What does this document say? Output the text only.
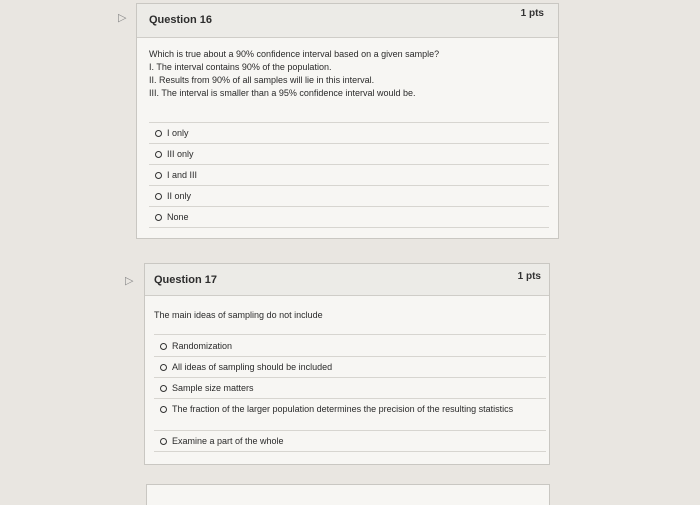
▷	Question 16
1 pts
Which is true about a 90% confidence interval based on a given sample?
I. The interval contains 90% of the population.
II. Results from 90% of all samples will lie in this interval.
III. The interval is smaller than a 95% confidence interval would be.
I only
III only
I and III
II only
None
▷	Question 17	1 pts
The main ideas of sampling do not include
Randomization
All ideas of sampling should be included
Sample size matters
The fraction of the larger population determines the precision of the resulting statistics
Examine a part of the whole
